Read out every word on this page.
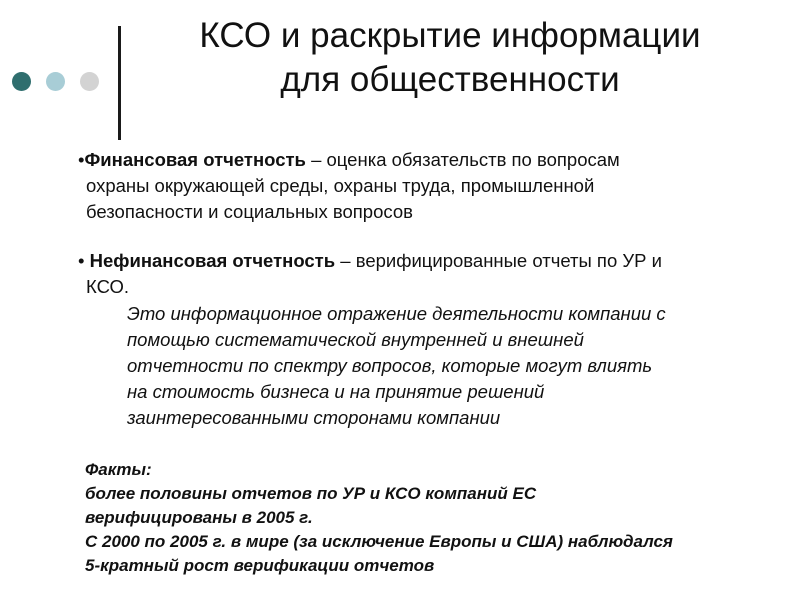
КСО и раскрытие информации
для общественности
•Финансовая отчетность – оценка обязательств по вопросам
охраны окружающей среды, охраны труда, промышленной
безопасности и социальных вопросов
• Нефинансовая отчетность – верифицированные отчеты по УР и
КСО.
Это информационное отражение деятельности компании с
помощью систематической внутренней и внешней
отчетности по спектру вопросов, которые могут влиять
на стоимость бизнеса и на принятие решений
заинтересованными сторонами компании
Факты:
более половины отчетов по УР и КСО компаний ЕС
верифицированы в 2005 г.
С 2000 по 2005 г. в мире (за исключение Европы и США) наблюдался
5-кратный рост верификации отчетов
